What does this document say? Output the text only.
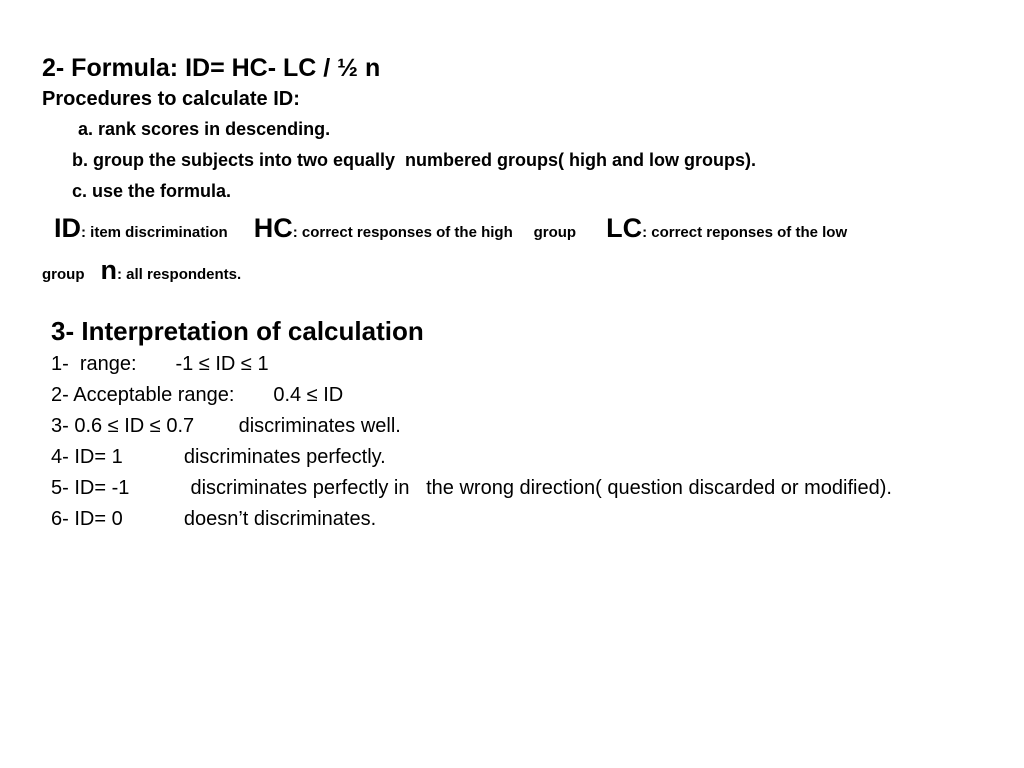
2- Formula: ID= HC- LC / ½ n
Procedures to calculate ID:
a. rank scores in descending.
b. group the subjects into two equally  numbered groups( high and low groups).
c. use the formula.
ID: item discrimination HC: correct responses of the high     group LC: correct reponses of the low
group n: all respondents.
3- Interpretation of calculation
1-  range:       -1 ≤ ID ≤ 1
2- Acceptable range:       0.4 ≤ ID
3- 0.6 ≤ ID ≤ 0.7        discriminates well.
4- ID= 1           discriminates perfectly.
5- ID= -1           discriminates perfectly in   the wrong direction( question discarded or modified).
6- ID= 0           doesn’t discriminates.
